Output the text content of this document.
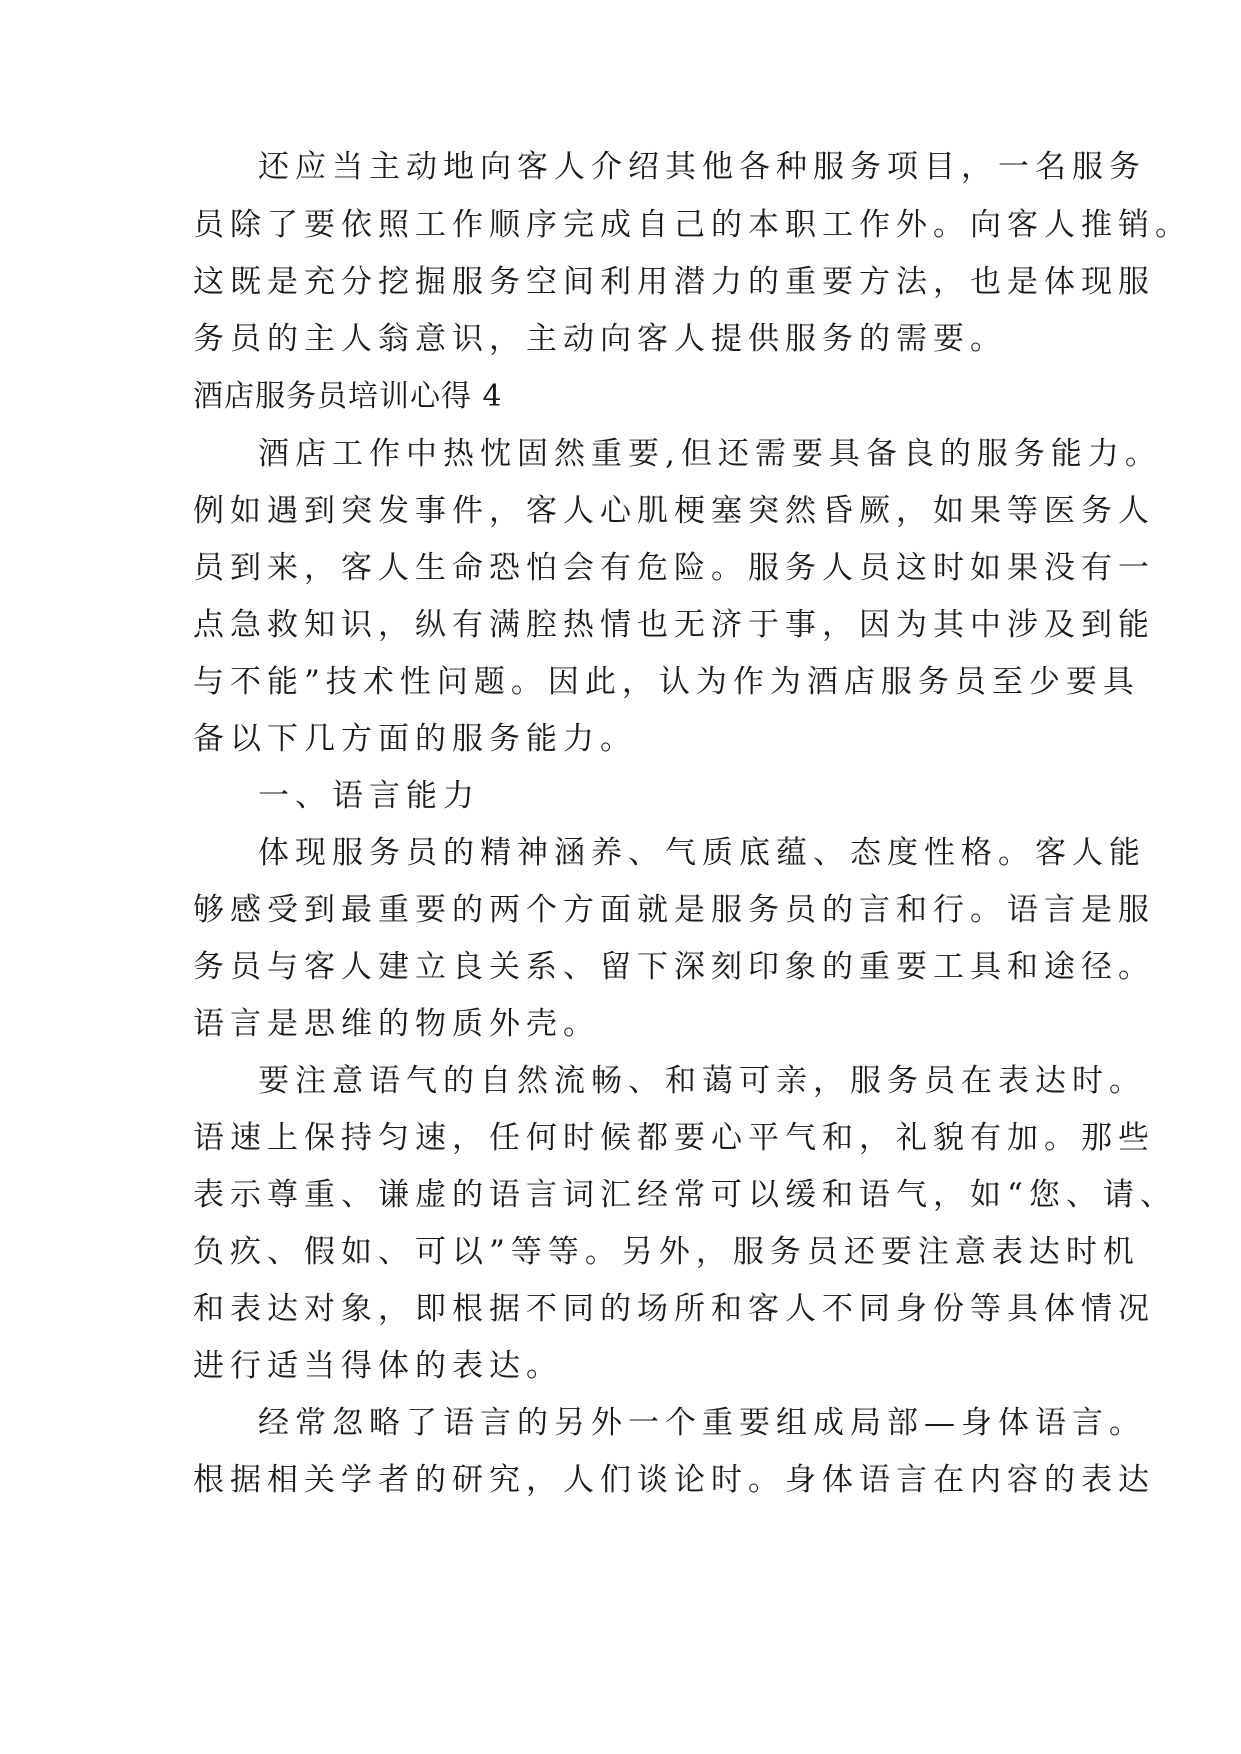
还应当主动地向客人介绍其他各种服务项目，一名服务
员除了要依照工作顺序完成自己的本职工作外。向客人推销。
这既是充分挖掘服务空间利用潜力的重要方法，也是体现服
务员的主人翁意识，主动向客人提供服务的需要。
酒店服务员培训心得 4
酒店工作中热忱固然重要,但还需要具备良的服务能力。
例如遇到突发事件，客人心肌梗塞突然昏厥，如果等医务人
员到来，客人生命恐怕会有危险。服务人员这时如果没有一
点急救知识，纵有满腔热情也无济于事，因为其中涉及到能
与不能”技术性问题。因此，认为作为酒店服务员至少要具
备以下几方面的服务能力。
一、语言能力
体现服务员的精神涵养、气质底蕴、态度性格。客人能
够感受到最重要的两个方面就是服务员的言和行。语言是服
务员与客人建立良关系、留下深刻印象的重要工具和途径。
语言是思维的物质外壳。
要注意语气的自然流畅、和蔼可亲，服务员在表达时。
语速上保持匀速，任何时候都要心平气和，礼貌有加。那些
表示尊重、谦虚的语言词汇经常可以缓和语气，如“您、请、
负疚、假如、可以”等等。另外，服务员还要注意表达时机
和表达对象，即根据不同的场所和客人不同身份等具体情况
进行适当得体的表达。
经常忽略了语言的另外一个重要组成局部—身体语言。
根据相关学者的研究，人们谈论时。身体语言在内容的表达
